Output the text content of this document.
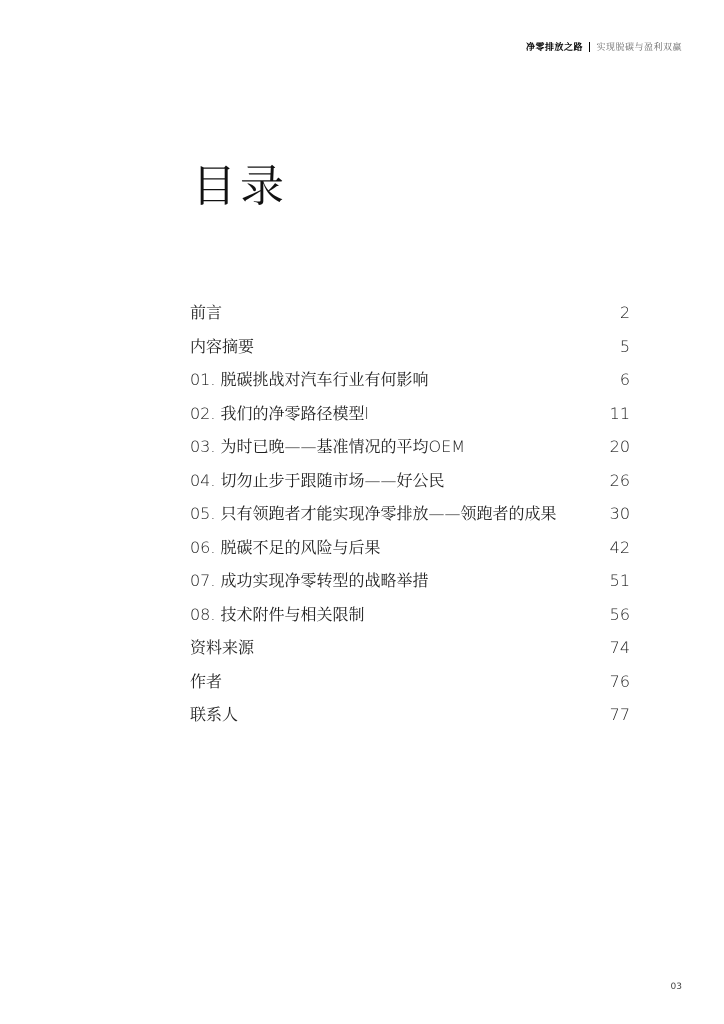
净零排放之路 实现脱碳与盈利双赢
目录
前言	2
内容摘要	5
01. 脱碳挑战对汽车行业有何影响	6
02. 我们的净零路径模型l	11
03. 为时已晚——基准情况的平均OEM	20
04. 切勿止步于跟随市场——好公民	26
05. 只有领跑者才能实现净零排放——领跑者的成果	30
06. 脱碳不足的风险与后果	42
07. 成功实现净零转型的战略举措	51
08. 技术附件与相关限制	56
资料来源	74
作者	76
联系人	77
03
